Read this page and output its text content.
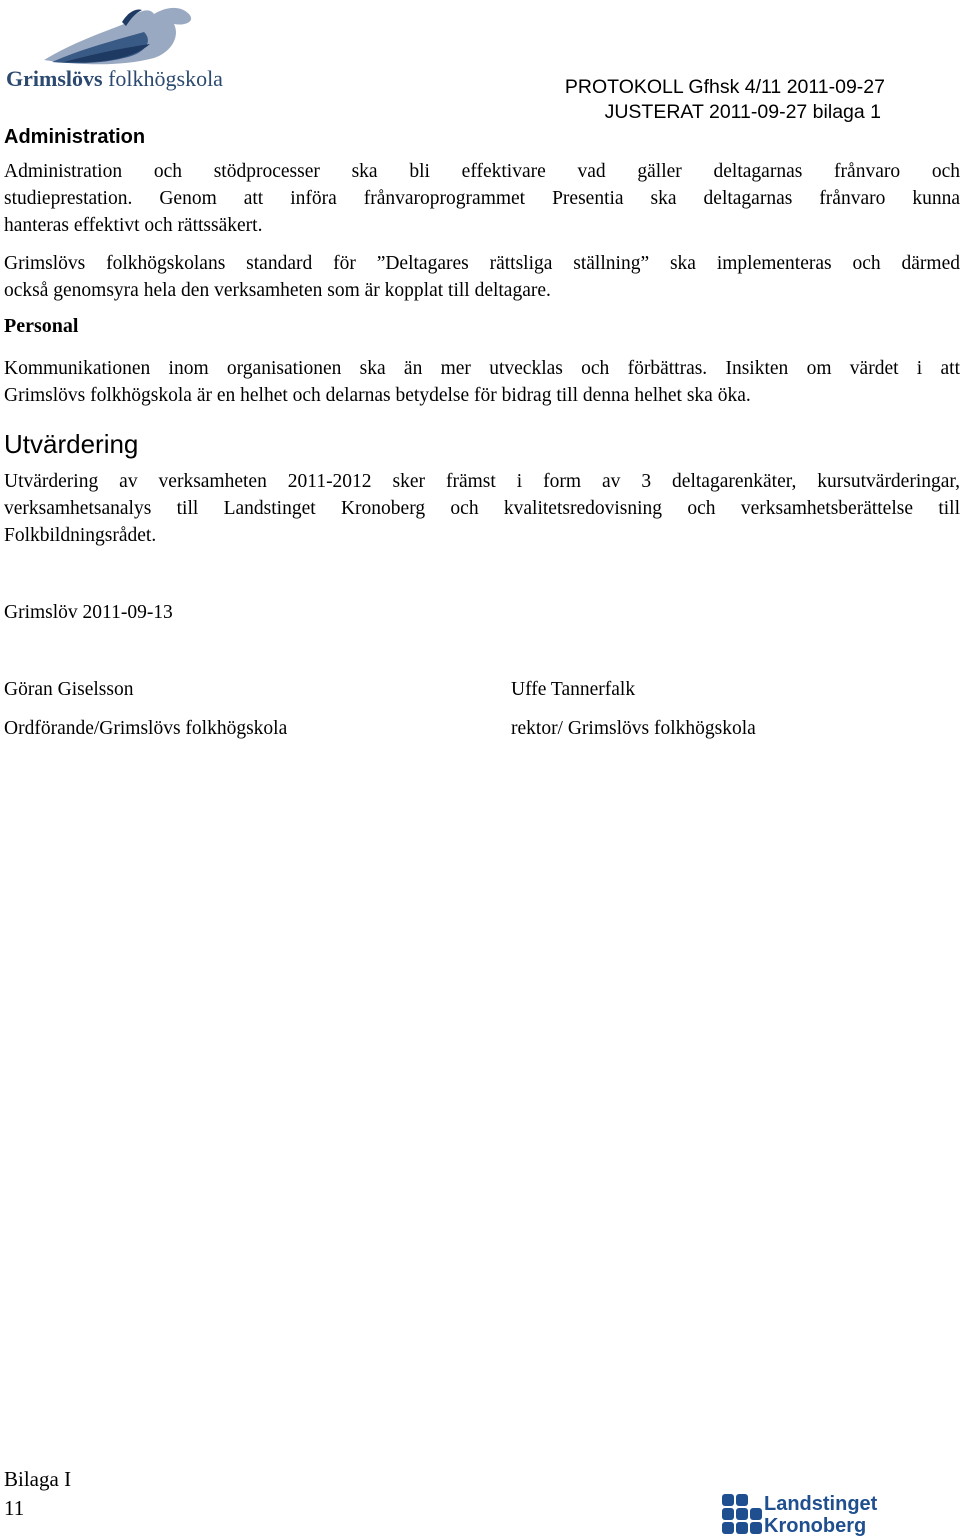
Grimslövs folkhögskola	PROTOKOLL Gfhsk 4/11 2011-09-27
JUSTERAT 2011-09-27 bilaga 1
Administration
Administration och stödprocesser ska bli effektivare vad gäller deltagarnas frånvaro och
studieprestation. Genom att införa frånvaroprogrammet Presentia ska deltagarnas frånvaro kunna
hanteras effektivt och rättssäkert.
Grimslövs folkhögskolans standard för ”Deltagares rättsliga ställning” ska implementeras och därmed
också genomsyra hela den verksamheten som är kopplat till deltagare.
Personal
Kommunikationen inom organisationen ska än mer utvecklas och förbättras. Insikten om värdet i att
Grimslövs folkhögskola är en helhet och delarnas betydelse för bidrag till denna helhet ska öka.
Utvärdering
Utvärdering av verksamheten 2011-2012 sker främst i form av 3 deltagarenkäter, kursutvärderingar,
verksamhetsanalys till Landstinget Kronoberg och kvalitetsredovisning och verksamhetsberättelse till
Folkbildningsrådet.
Grimslöv 2011-09-13
Göran Giselsson
Ordförande/Grimslövs folkhögskola
Uffe Tannerfalk
rektor/ Grimslövs folkhögskola
Bilaga I
11	Landstinget
Kronoberg
